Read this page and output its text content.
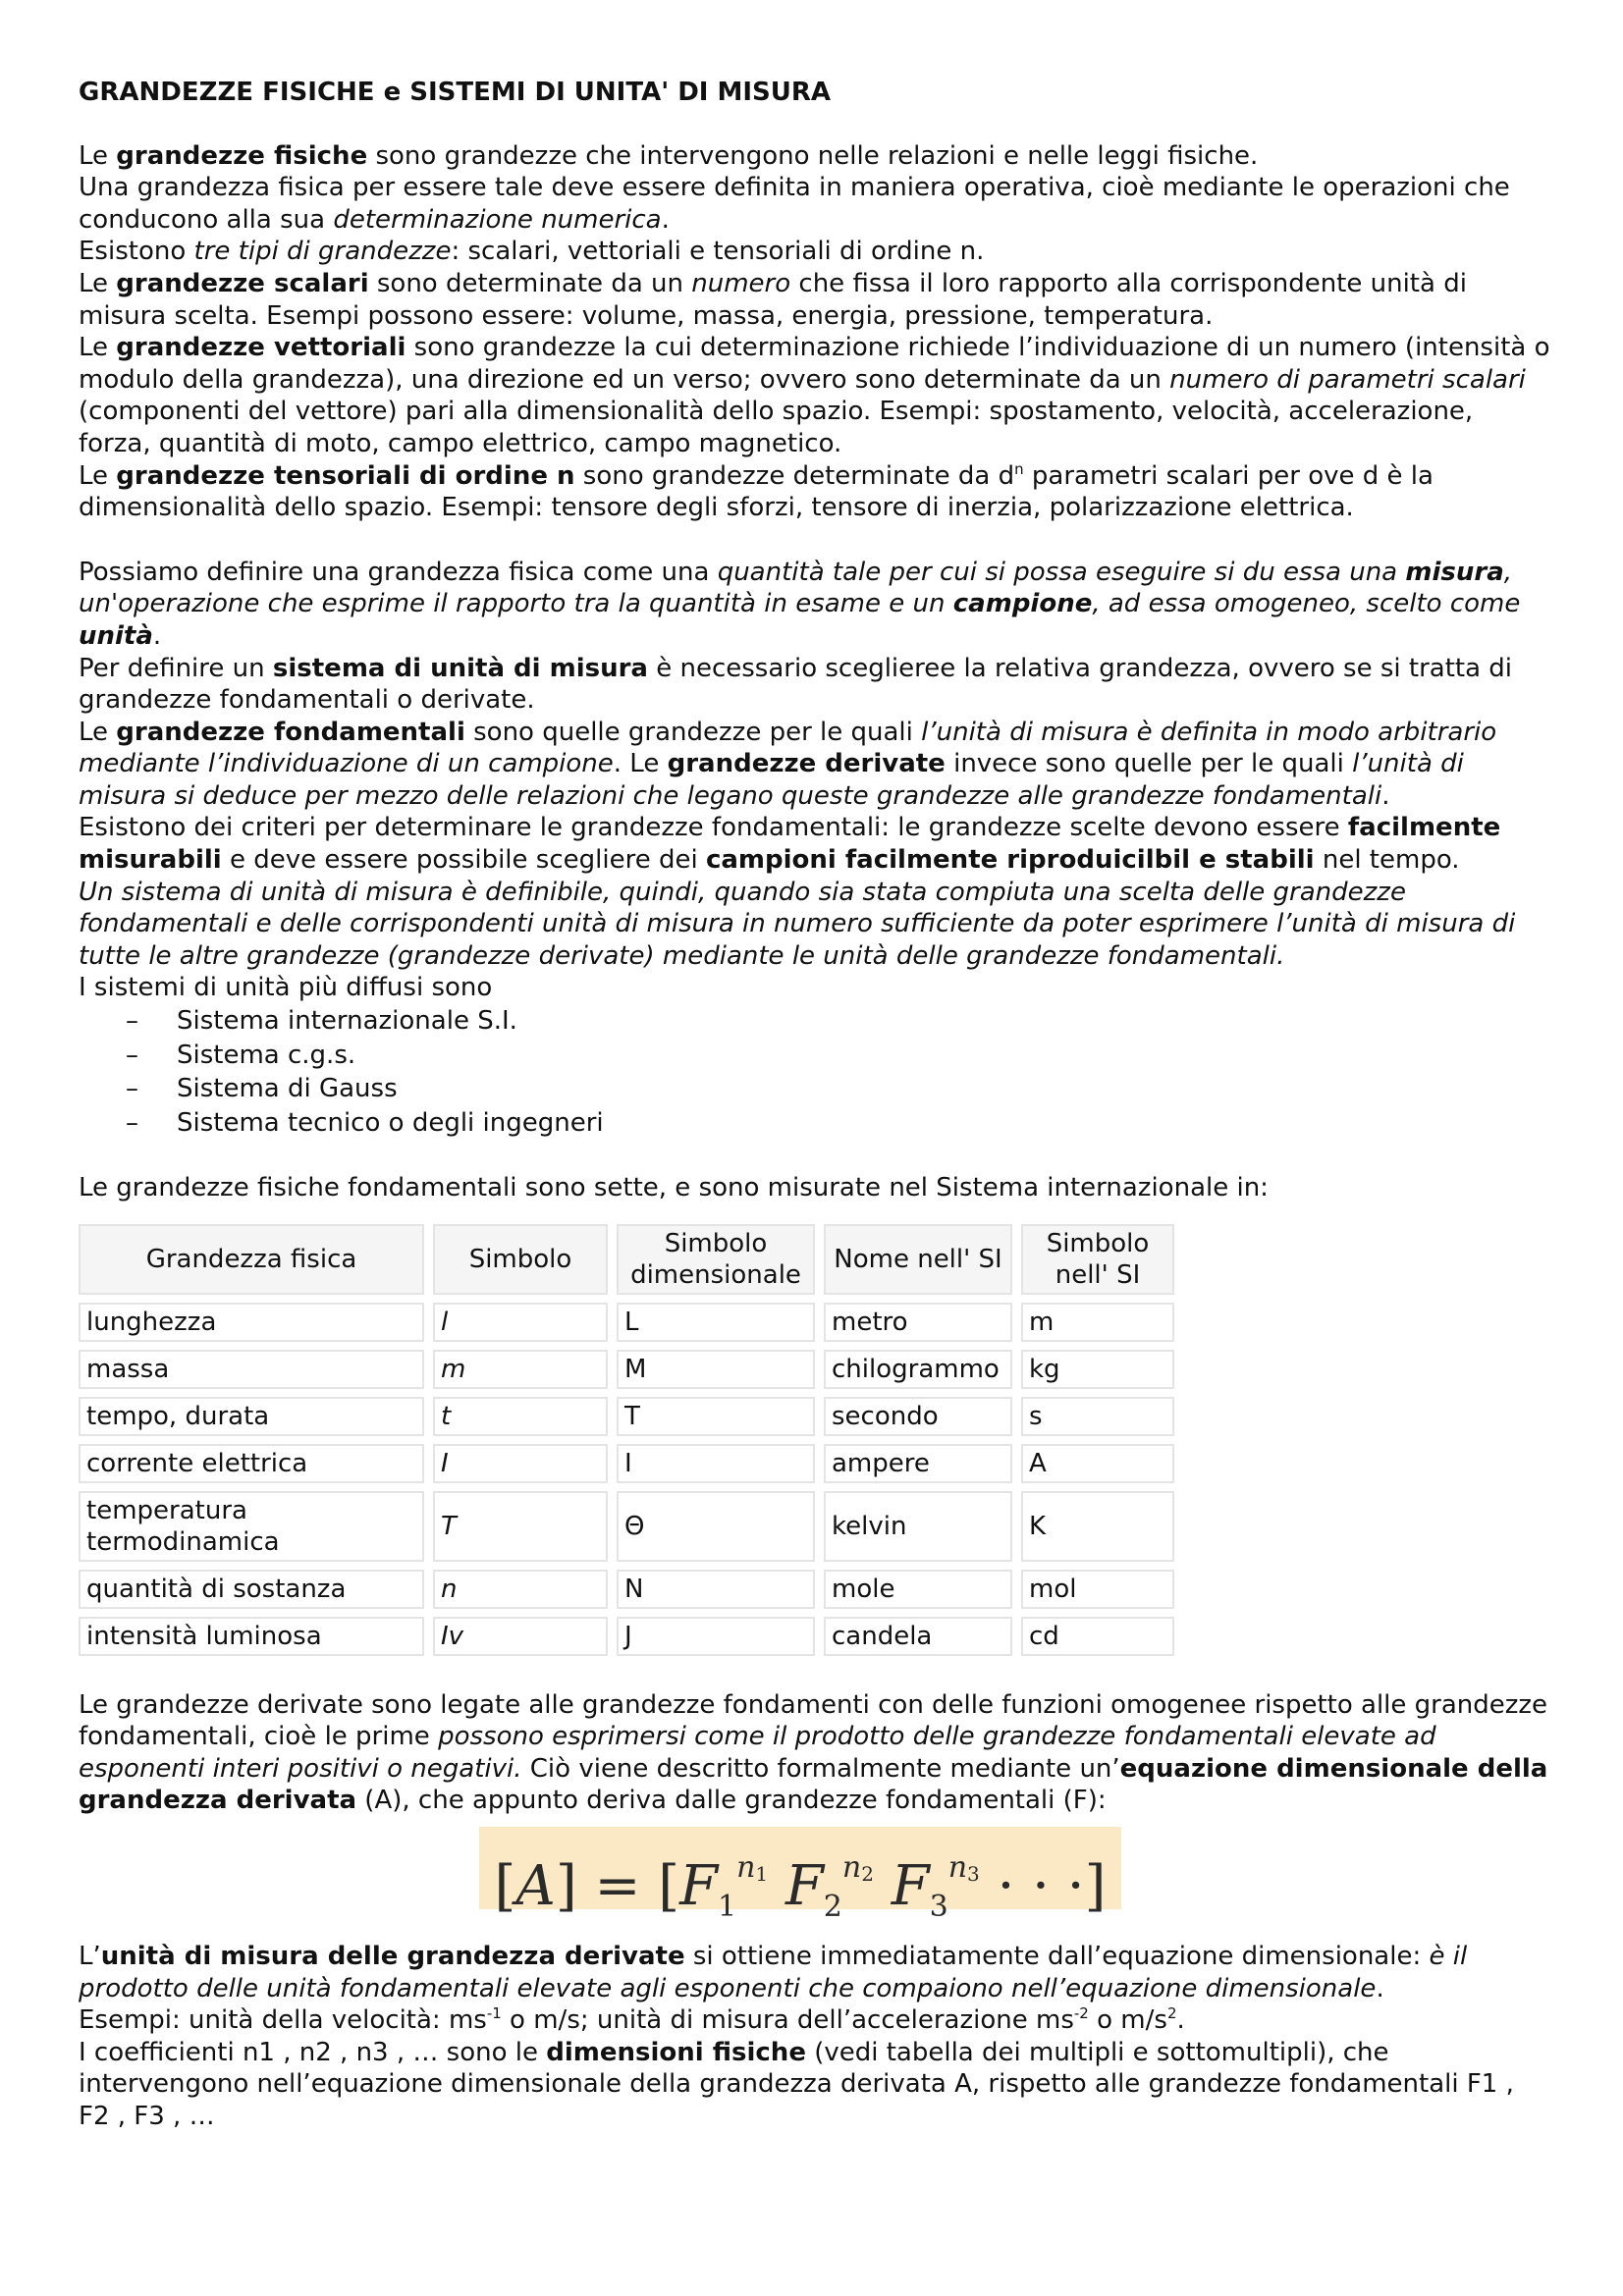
GRANDEZZE FISICHE e SISTEMI DI UNITA' DI MISURA

Le grandezze fisiche sono grandezze che intervengono nelle relazioni e nelle leggi fisiche.

Una grandezza fisica per essere tale deve essere definita in maniera operativa, cioè mediante le operazioni che conducono alla sua determinazione numerica.

Esistono tre tipi di grandezze: scalari, vettoriali e tensoriali di ordine n.

Le grandezze scalari sono determinate da un numero che fissa il loro rapporto alla corrispondente unità di misura scelta. Esempi possono essere: volume, massa, energia, pressione, temperatura.

Le grandezze vettoriali sono grandezze la cui determinazione richiede l’individuazione di un numero (intensità o modulo della grandezza), una direzione ed un verso; ovvero sono determinate da un numero di parametri scalari (componenti del vettore) pari alla dimensionalità dello spazio. Esempi: spostamento, velocità, accelerazione, forza, quantità di moto, campo elettrico, campo magnetico.

Le grandezze tensoriali di ordine n sono grandezze determinate da $d^n$ parametri scalari per ove d è la dimensionalità dello spazio. Esempi: tensore degli sforzi, tensore di inerzia, polarizzazione elettrica.

Possiamo definire una grandezza fisica come una quantità tale per cui si possa eseguire si du essa una misura, un'operazione che esprime il rapporto tra la quantità in esame e un campione, ad essa omogeneo, scelto come unità.

Per definire un sistema di unità di misura è necessario sceglieree la relativa grandezza, ovvero se si tratta di grandezze fondamentali o derivate.

Le grandezze fondamentali sono quelle grandezze per le quali l’unità di misura è definita in modo arbitrario mediante l’individuazione di un campione. Le grandezze derivate invece sono quelle per le quali l’unità di misura si deduce per mezzo delle relazioni che legano queste grandezze alle grandezze fondamentali.

Esistono dei criteri per determinare le grandezze fondamentali: le grandezze scelte devono essere facilmente misurabili e deve essere possibile scegliere dei campioni facilmente riproduicilbil e stabili nel tempo.

Un sistema di unità di misura è definibile, quindi, quando sia stata compiuta una scelta delle grandezze fondamentali e delle corrispondenti unità di misura in numero sufficiente da poter esprimere l’unità di misura di tutte le altre grandezze (grandezze derivate) mediante le unità delle grandezze fondamentali.

I sistemi di unità più diffusi sono

– Sistema internazionale S.I.
– Sistema c.g.s.
– Sistema di Gauss
– Sistema tecnico o degli ingegneri

Le grandezze fisiche fondamentali sono sette, e sono misurate nel Sistema internazionale in:

Grandezza fisica	Simbolo	Simbolo dimensionale	Nome nell' SI	Simbolo nell' SI
lunghezza	l	L	metro	m
massa	m	M	chilogrammo	kg
tempo, durata	t	T	secondo	s
corrente elettrica	I	I	ampere	A
temperatura termodinamica	T	Θ	kelvin	K
quantità di sostanza	n	N	mole	mol
intensità luminosa	Iv	J	candela	cd

Le grandezze derivate sono legate alle grandezze fondamenti con delle funzioni omogenee rispetto alle grandezze fondamentali, cioè le prime possono esprimersi come il prodotto delle grandezze fondamentali elevate ad esponenti interi positivi o negativi. Ciò viene descritto formalmente mediante un’equazione dimensionale della grandezza derivata (A), che appunto deriva dalle grandezze fondamentali (F):

$[A] = [F_1^{n1}$ $F_2^{n2}$ $F_3^{n3}$ · · ·]

L’unità di misura delle grandezza derivate si ottiene immediatamente dall’equazione dimensionale: è il prodotto delle unità fondamentali elevate agli esponenti che compaiono nell’equazione dimensionale.

Esempi: unità della velocità: $ms^{-1}$ o m/s; unità di misura dell’accelerazione $ms^{-2}$ o $m/s^2$.

I coefficienti n1 , n2 , n3 , … sono le dimensioni fisiche (vedi tabella dei multipli e sottomultipli), che intervengono nell’equazione dimensionale della grandezza derivata A, rispetto alle grandezze fondamentali F1 , F2 , F3 , …
